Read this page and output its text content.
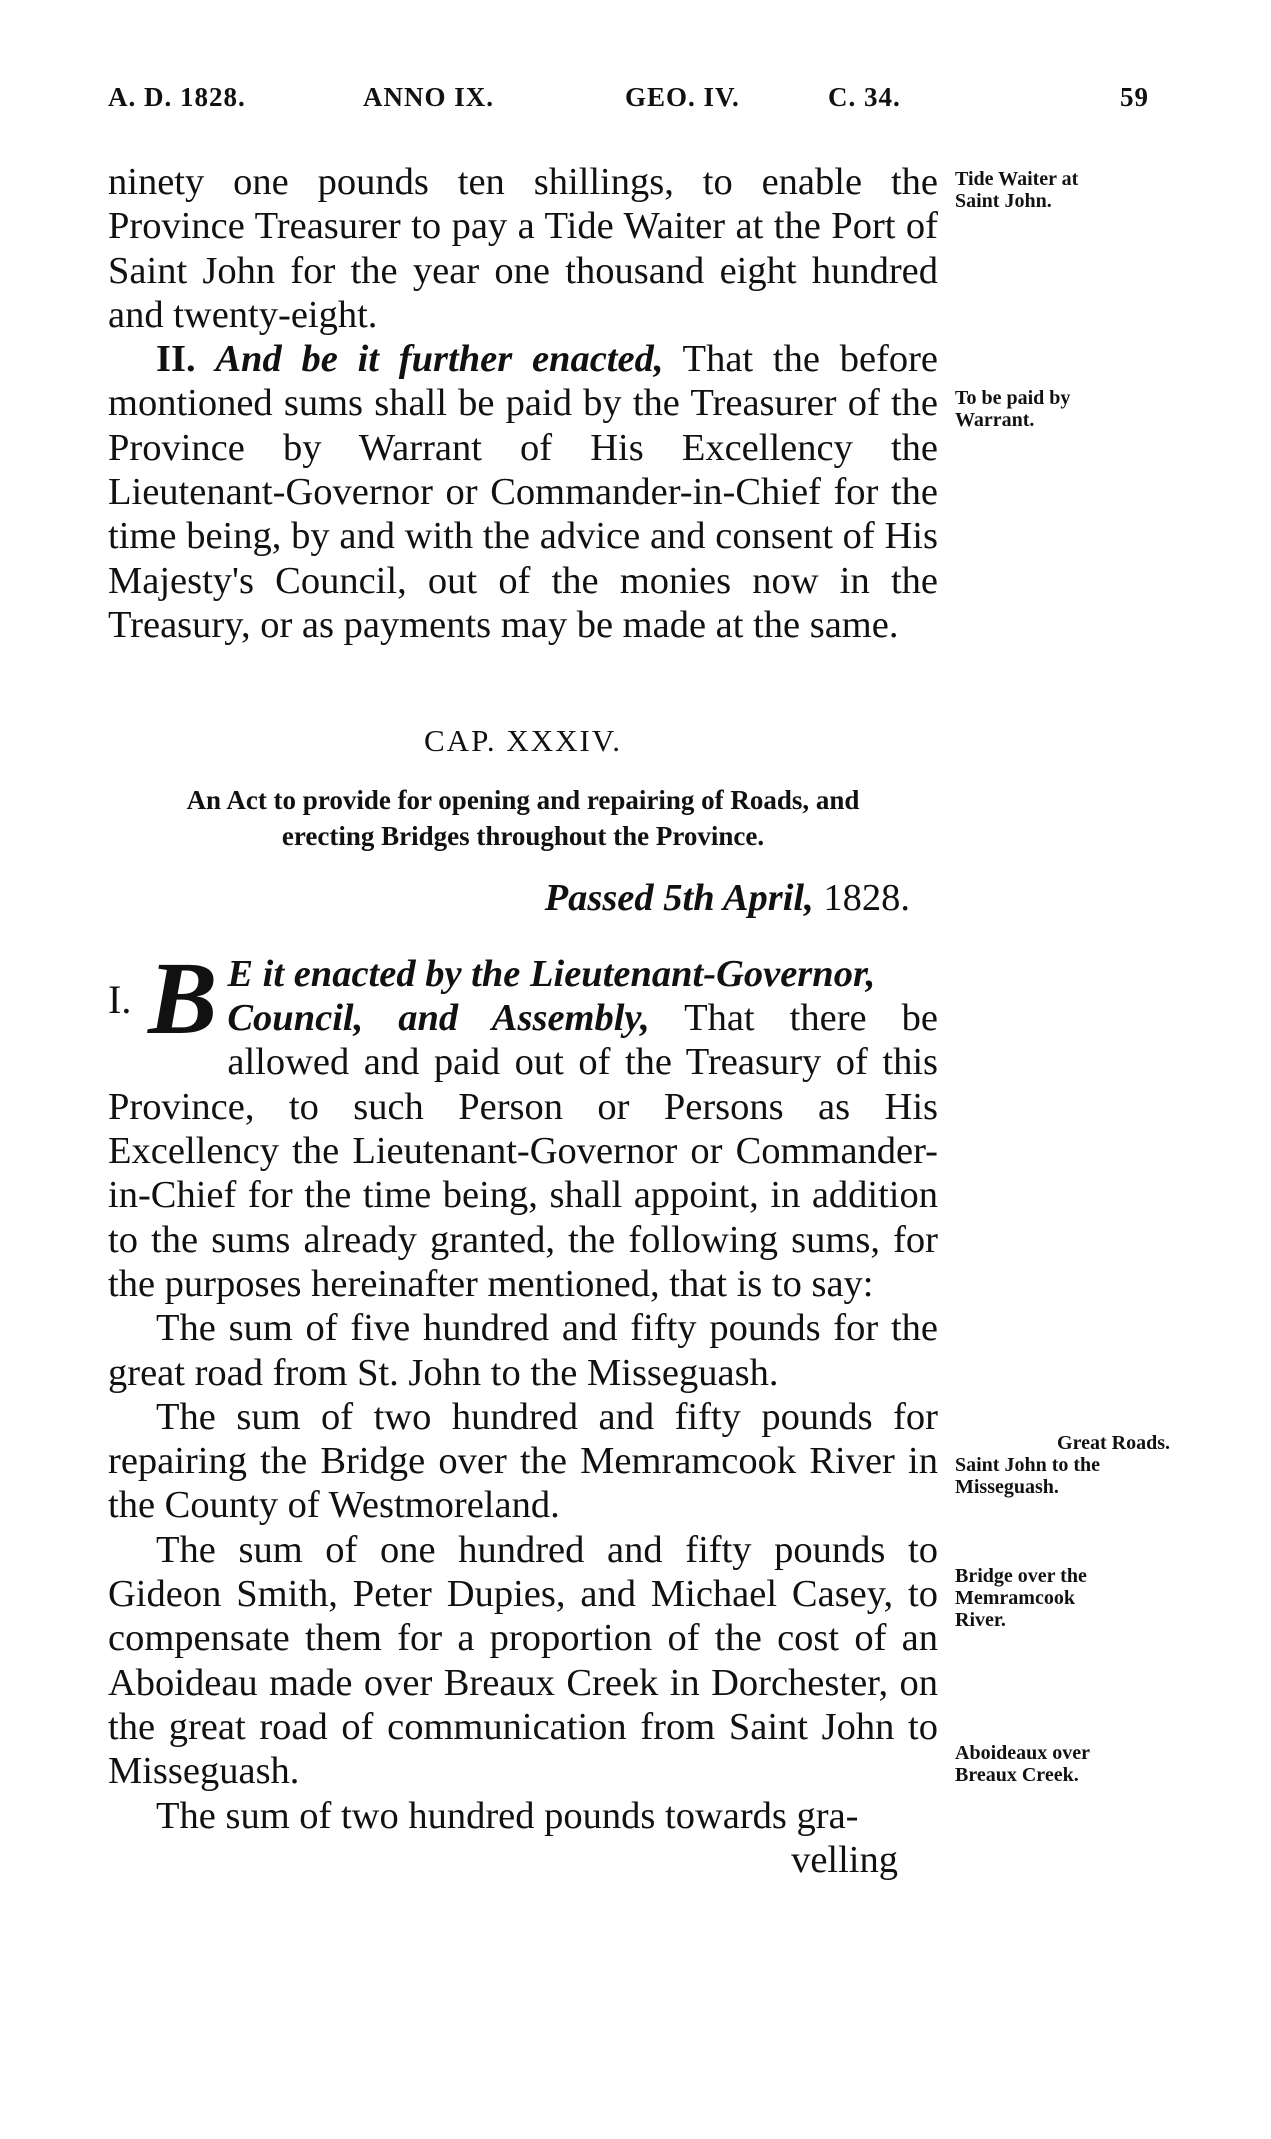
A. D. 1828.	ANNO IX.	GEO. IV.	C. 34.	59

ninety one pounds ten shillings, to enable the Province Treasurer to pay a Tide Waiter at the Port of Saint John for the year one thousand eight hundred and twenty-eight.

II. And be it further enacted, That the before montioned sums shall be paid by the Treasurer of the Province by Warrant of His Excellency the Lieutenant-Governor or Commander-in-Chief for the time being, by and with the advice and consent of His Majesty's Council, out of the monies now in the Treasury, or as payments may be made at the same.

CAP. XXXIV.

An Act to provide for opening and repairing of Roads, and

erecting Bridges throughout the Province.

Passed 5th April, 1828.

I. B E it enacted by the Lieutenant-Governor,
Council, and Assembly, That there be allowed and paid out of the Treasury of this Province, to such Person or Persons as His Excellency the Lieutenant-Governor or Commander-in-Chief for the time being, shall appoint, in addition to the sums already granted, the following sums, for the purposes hereinafter mentioned, that is to say:

The sum of five hundred and fifty pounds for the great road from St. John to the Misseguash.

The sum of two hundred and fifty pounds for repairing the Bridge over the Memramcook River in the County of Westmoreland.

The sum of one hundred and fifty pounds to Gideon Smith, Peter Dupies, and Michael Casey, to compensate them for a proportion of the cost of an Aboideau made over Breaux Creek in Dorchester, on the great road of communication from Saint John to Misseguash.

The sum of two hundred pounds towards gra-

velling

Tide Waiter at
Saint John.
To be paid by
Warrant.
Great Roads.
Saint John to the
Misseguash.
Bridge over the
Memramcook
River.
Aboideaux over
Breaux Creek.
